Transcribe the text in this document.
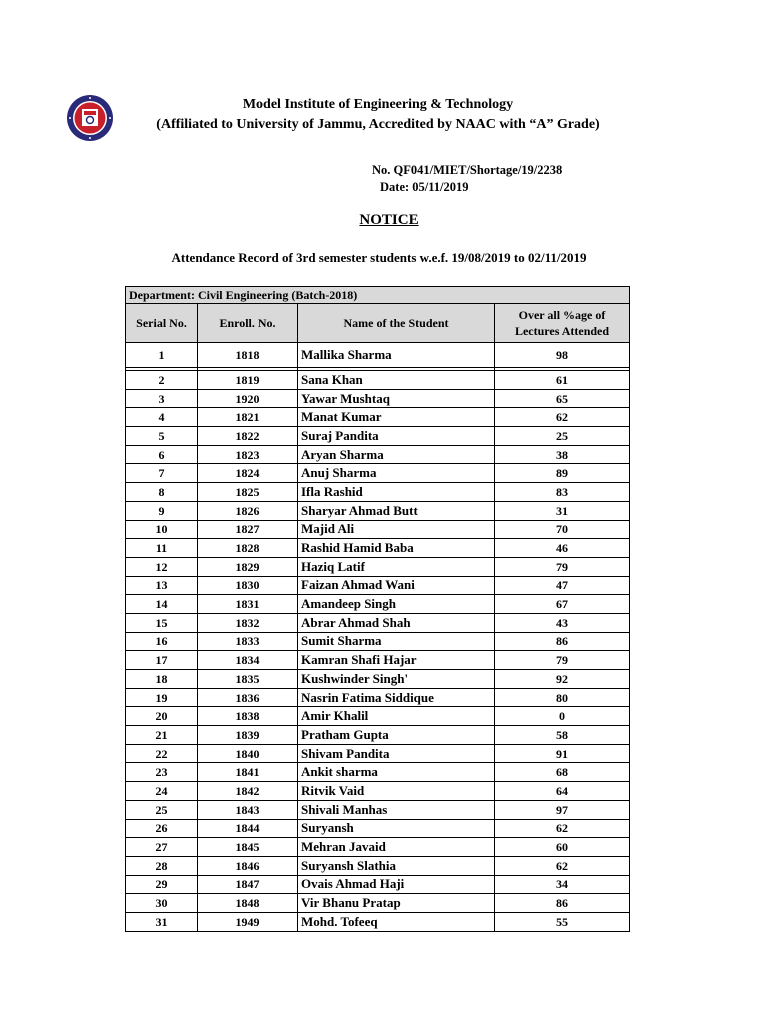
Model Institute of Engineering & Technology
(Affiliated to University of Jammu, Accredited by NAAC with “A” Grade)
No. QF041/MIET/Shortage/19/2238
Date: 05/11/2019
NOTICE
Attendance Record of 3rd semester students w.e.f. 19/08/2019 to 02/11/2019
Department: Civil Engineering (Batch-2018)			
Serial No.	Enroll. No.	Name of the Student	Over all %age of
Lectures Attended
1	1818	Mallika Sharma	98

2	1819	Sana Khan	61
3	1920	Yawar Mushtaq	65
4	1821	Manat Kumar	62
5	1822	Suraj Pandita	25
6	1823	Aryan Sharma	38
7	1824	Anuj Sharma	89
8	1825	Ifla Rashid	83
9	1826	Sharyar Ahmad Butt	31
10	1827	Majid Ali	70
11	1828	Rashid Hamid Baba	46
12	1829	Haziq Latif	79
13	1830	Faizan Ahmad Wani	47
14	1831	Amandeep Singh	67
15	1832	Abrar Ahmad Shah	43
16	1833	Sumit Sharma	86
17	1834	Kamran Shafi Hajar	79
18	1835	Kushwinder Singh'	92
19	1836	Nasrin Fatima Siddique	80
20	1838	Amir Khalil	0
21	1839	Pratham Gupta	58
22	1840	Shivam Pandita	91
23	1841	Ankit sharma	68
24	1842	Ritvik Vaid	64
25	1843	Shivali Manhas	97
26	1844	Suryansh	62
27	1845	Mehran Javaid	60
28	1846	Suryansh Slathia	62
29	1847	Ovais Ahmad Haji	34
30	1848	Vir Bhanu Pratap	86
31	1949	Mohd. Tofeeq	55
